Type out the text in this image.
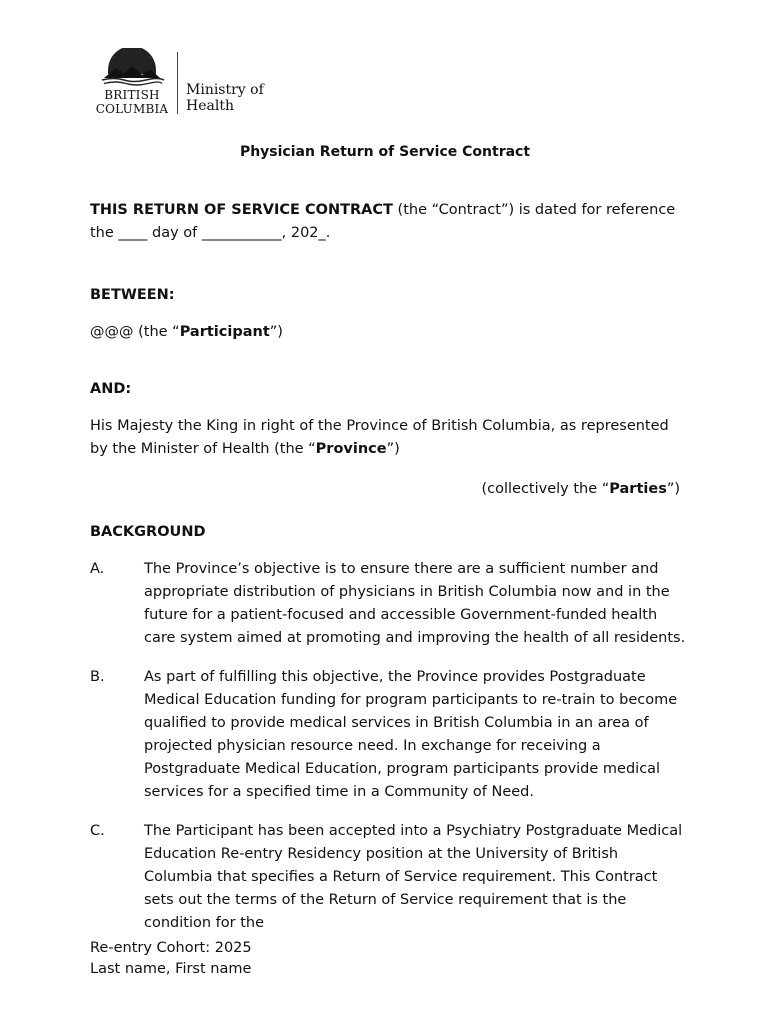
BRITISH
COLUMBIA
Ministry of
Health
Physician Return of Service Contract
THIS RETURN OF SERVICE CONTRACT (the “Contract”) is dated for reference the ____ day of ___________, 202_.
BETWEEN:
@@@ (the “Participant”)
AND:
His Majesty the King in right of the Province of British Columbia, as represented by the Minister of Health (the “Province”)
(collectively the “Parties”)
BACKGROUND
A.	The Province’s objective is to ensure there are a sufficient number and appropriate distribution of physicians in British Columbia now and in the future for a patient-focused and accessible Government-funded health care system aimed at promoting and improving the health of all residents.
B.	As part of fulfilling this objective, the Province provides Postgraduate Medical Education funding for program participants to re-train to become qualified to provide medical services in British Columbia in an area of projected physician resource need. In exchange for receiving a Postgraduate Medical Education, program participants provide medical services for a specified time in a Community of Need.
C.	The Participant has been accepted into a Psychiatry Postgraduate Medical Education Re-entry Residency position at the University of British Columbia that specifies a Return of Service requirement. This Contract sets out the terms of the Return of Service requirement that is the condition for the
Re-entry Cohort: 2025
Last name, First name
